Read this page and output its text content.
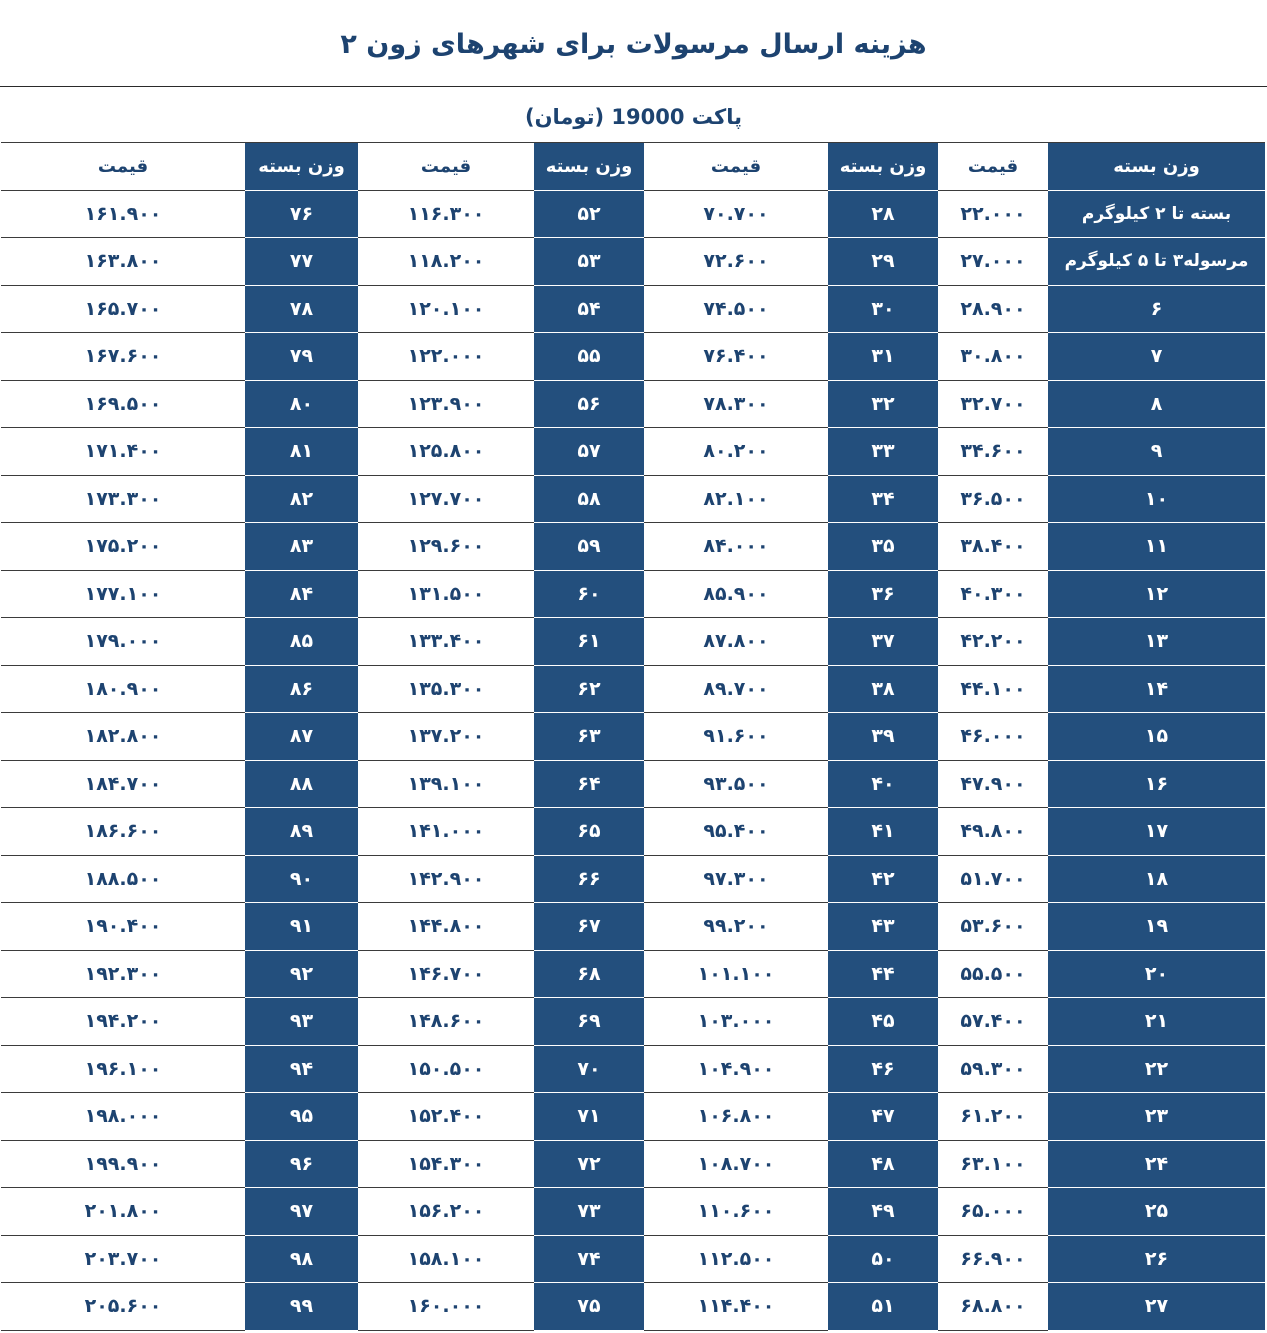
هزینه ارسال مرسولات برای شهرهای زون ۲
پاکت 19000 (تومان)
وزن بسته	قیمت	وزن بسته	قیمت	وزن بسته	قیمت	وزن بسته	قیمت
بسته تا ۲ کیلوگرم	۲۲.۰۰۰	۲۸	۷۰.۷۰۰	۵۲	۱۱۶.۳۰۰	۷۶	۱۶۱.۹۰۰
مرسوله۳ تا ۵ کیلوگرم	۲۷.۰۰۰	۲۹	۷۲.۶۰۰	۵۳	۱۱۸.۲۰۰	۷۷	۱۶۳.۸۰۰
۶	۲۸.۹۰۰	۳۰	۷۴.۵۰۰	۵۴	۱۲۰.۱۰۰	۷۸	۱۶۵.۷۰۰
۷	۳۰.۸۰۰	۳۱	۷۶.۴۰۰	۵۵	۱۲۲.۰۰۰	۷۹	۱۶۷.۶۰۰
۸	۳۲.۷۰۰	۳۲	۷۸.۳۰۰	۵۶	۱۲۳.۹۰۰	۸۰	۱۶۹.۵۰۰
۹	۳۴.۶۰۰	۳۳	۸۰.۲۰۰	۵۷	۱۲۵.۸۰۰	۸۱	۱۷۱.۴۰۰
۱۰	۳۶.۵۰۰	۳۴	۸۲.۱۰۰	۵۸	۱۲۷.۷۰۰	۸۲	۱۷۳.۳۰۰
۱۱	۳۸.۴۰۰	۳۵	۸۴.۰۰۰	۵۹	۱۲۹.۶۰۰	۸۳	۱۷۵.۲۰۰
۱۲	۴۰.۳۰۰	۳۶	۸۵.۹۰۰	۶۰	۱۳۱.۵۰۰	۸۴	۱۷۷.۱۰۰
۱۳	۴۲.۲۰۰	۳۷	۸۷.۸۰۰	۶۱	۱۳۳.۴۰۰	۸۵	۱۷۹.۰۰۰
۱۴	۴۴.۱۰۰	۳۸	۸۹.۷۰۰	۶۲	۱۳۵.۳۰۰	۸۶	۱۸۰.۹۰۰
۱۵	۴۶.۰۰۰	۳۹	۹۱.۶۰۰	۶۳	۱۳۷.۲۰۰	۸۷	۱۸۲.۸۰۰
۱۶	۴۷.۹۰۰	۴۰	۹۳.۵۰۰	۶۴	۱۳۹.۱۰۰	۸۸	۱۸۴.۷۰۰
۱۷	۴۹.۸۰۰	۴۱	۹۵.۴۰۰	۶۵	۱۴۱.۰۰۰	۸۹	۱۸۶.۶۰۰
۱۸	۵۱.۷۰۰	۴۲	۹۷.۳۰۰	۶۶	۱۴۲.۹۰۰	۹۰	۱۸۸.۵۰۰
۱۹	۵۳.۶۰۰	۴۳	۹۹.۲۰۰	۶۷	۱۴۴.۸۰۰	۹۱	۱۹۰.۴۰۰
۲۰	۵۵.۵۰۰	۴۴	۱۰۱.۱۰۰	۶۸	۱۴۶.۷۰۰	۹۲	۱۹۲.۳۰۰
۲۱	۵۷.۴۰۰	۴۵	۱۰۳.۰۰۰	۶۹	۱۴۸.۶۰۰	۹۳	۱۹۴.۲۰۰
۲۲	۵۹.۳۰۰	۴۶	۱۰۴.۹۰۰	۷۰	۱۵۰.۵۰۰	۹۴	۱۹۶.۱۰۰
۲۳	۶۱.۲۰۰	۴۷	۱۰۶.۸۰۰	۷۱	۱۵۲.۴۰۰	۹۵	۱۹۸.۰۰۰
۲۴	۶۳.۱۰۰	۴۸	۱۰۸.۷۰۰	۷۲	۱۵۴.۳۰۰	۹۶	۱۹۹.۹۰۰
۲۵	۶۵.۰۰۰	۴۹	۱۱۰.۶۰۰	۷۳	۱۵۶.۲۰۰	۹۷	۲۰۱.۸۰۰
۲۶	۶۶.۹۰۰	۵۰	۱۱۲.۵۰۰	۷۴	۱۵۸.۱۰۰	۹۸	۲۰۳.۷۰۰
۲۷	۶۸.۸۰۰	۵۱	۱۱۴.۴۰۰	۷۵	۱۶۰.۰۰۰	۹۹	۲۰۵.۶۰۰
